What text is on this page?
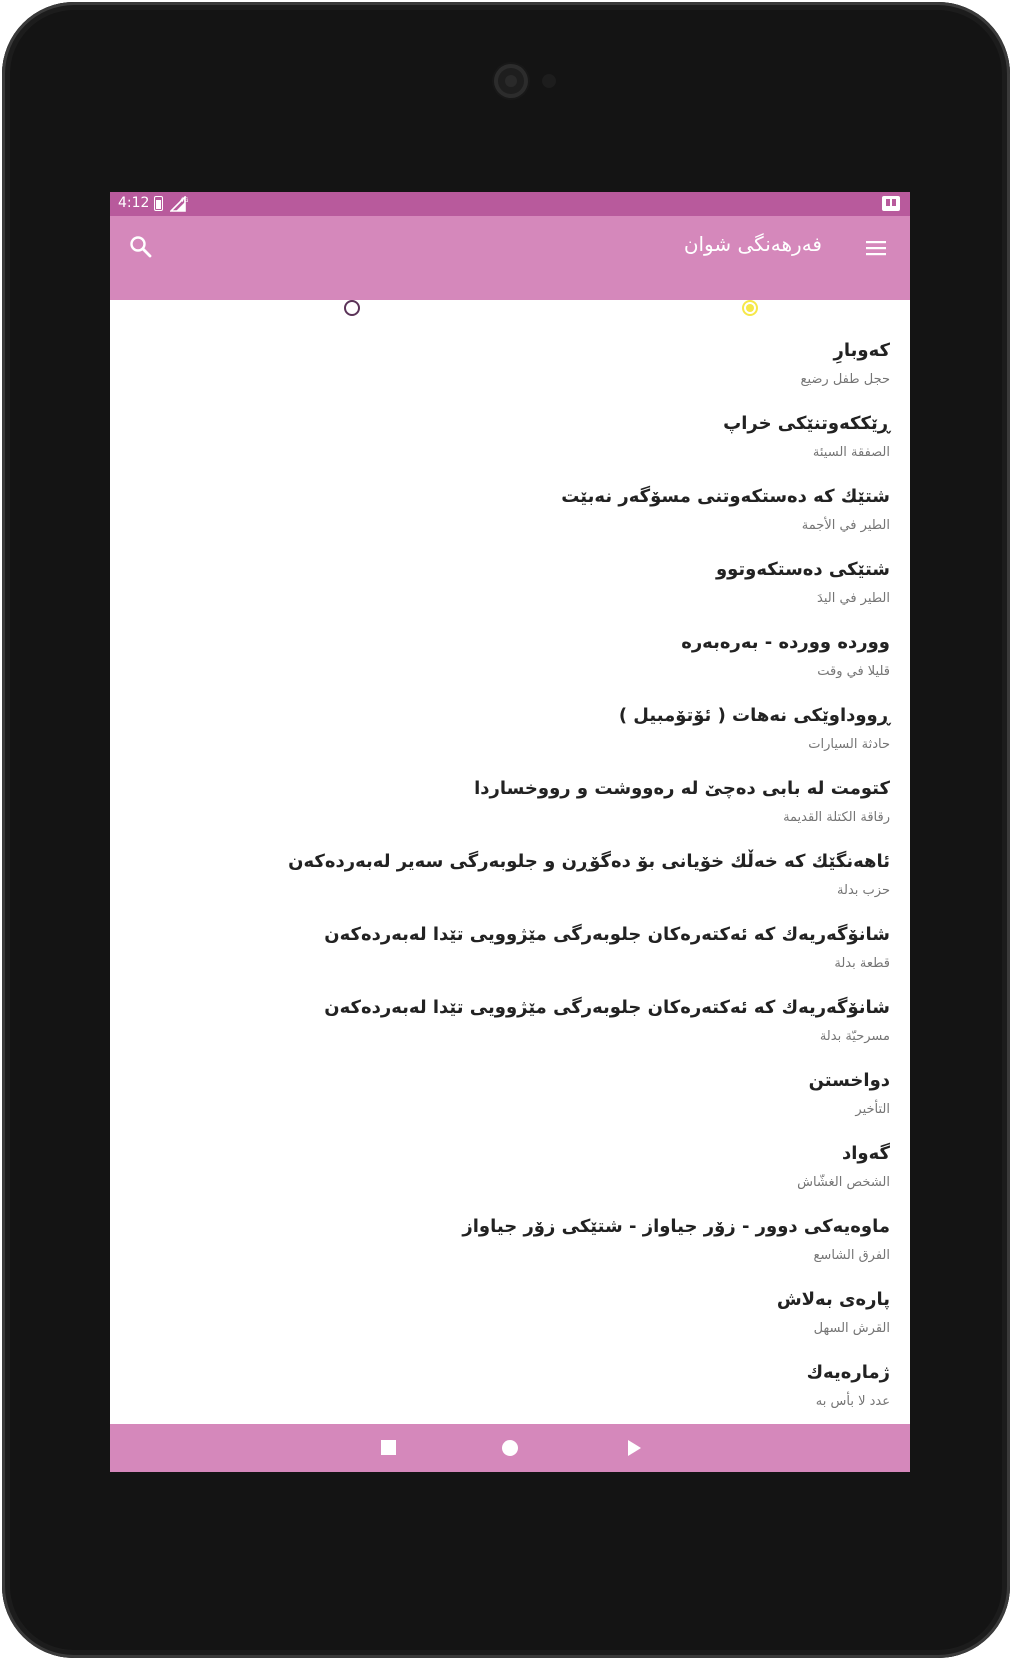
4:12	4G
فەرهەنگی شوان
کوردی-عەرەبی
عەرەبی-کوردی
کەوبارِ
حجل طفل رضيع
ڕێککەوتنێکی خراپ
الصفقة السيئة
شتێك كە دەستكەوتنی مسۆگەر نەبێت
الطير في الأجمة
شتێکی دەستکەوتوو
الطير في اليدَ
وورده وورده - بەرەبەرە
قليلا في وقت
ڕووداوێکی نەهات ( ئۆتۆمبیل )
حادثة السيارات
كتومت لە بابی دەچێ لە رەووشت و رووخساردا
رقاقة الكتلة القديمة
ئاهەنگێك كە خەڵك خۆیانی بۆ دەگۆڕن و جلوبەرگی سەیر لەبەردەكەن
حزب بدلة
شانۆگەریەك كە ئەكتەرەكان جلوبەرگی مێژوویی تێدا لەبەردەكەن
قطعة بدلة
شانۆگەریەك كە ئەكتەرەكان جلوبەرگی مێژوویی تێدا لەبەردەكەن
مسرحيّة بدلة
دواخستن
التأخير
گەواد
الشخص الغشّاش
ماوەیەکی دوور - زۆر جیاواز - شتێکی زۆر جیاواز
الفرق الشاسع
پارەی بەلاش
القرش السهل
ژمارەیەك
عدد لا بأس به
